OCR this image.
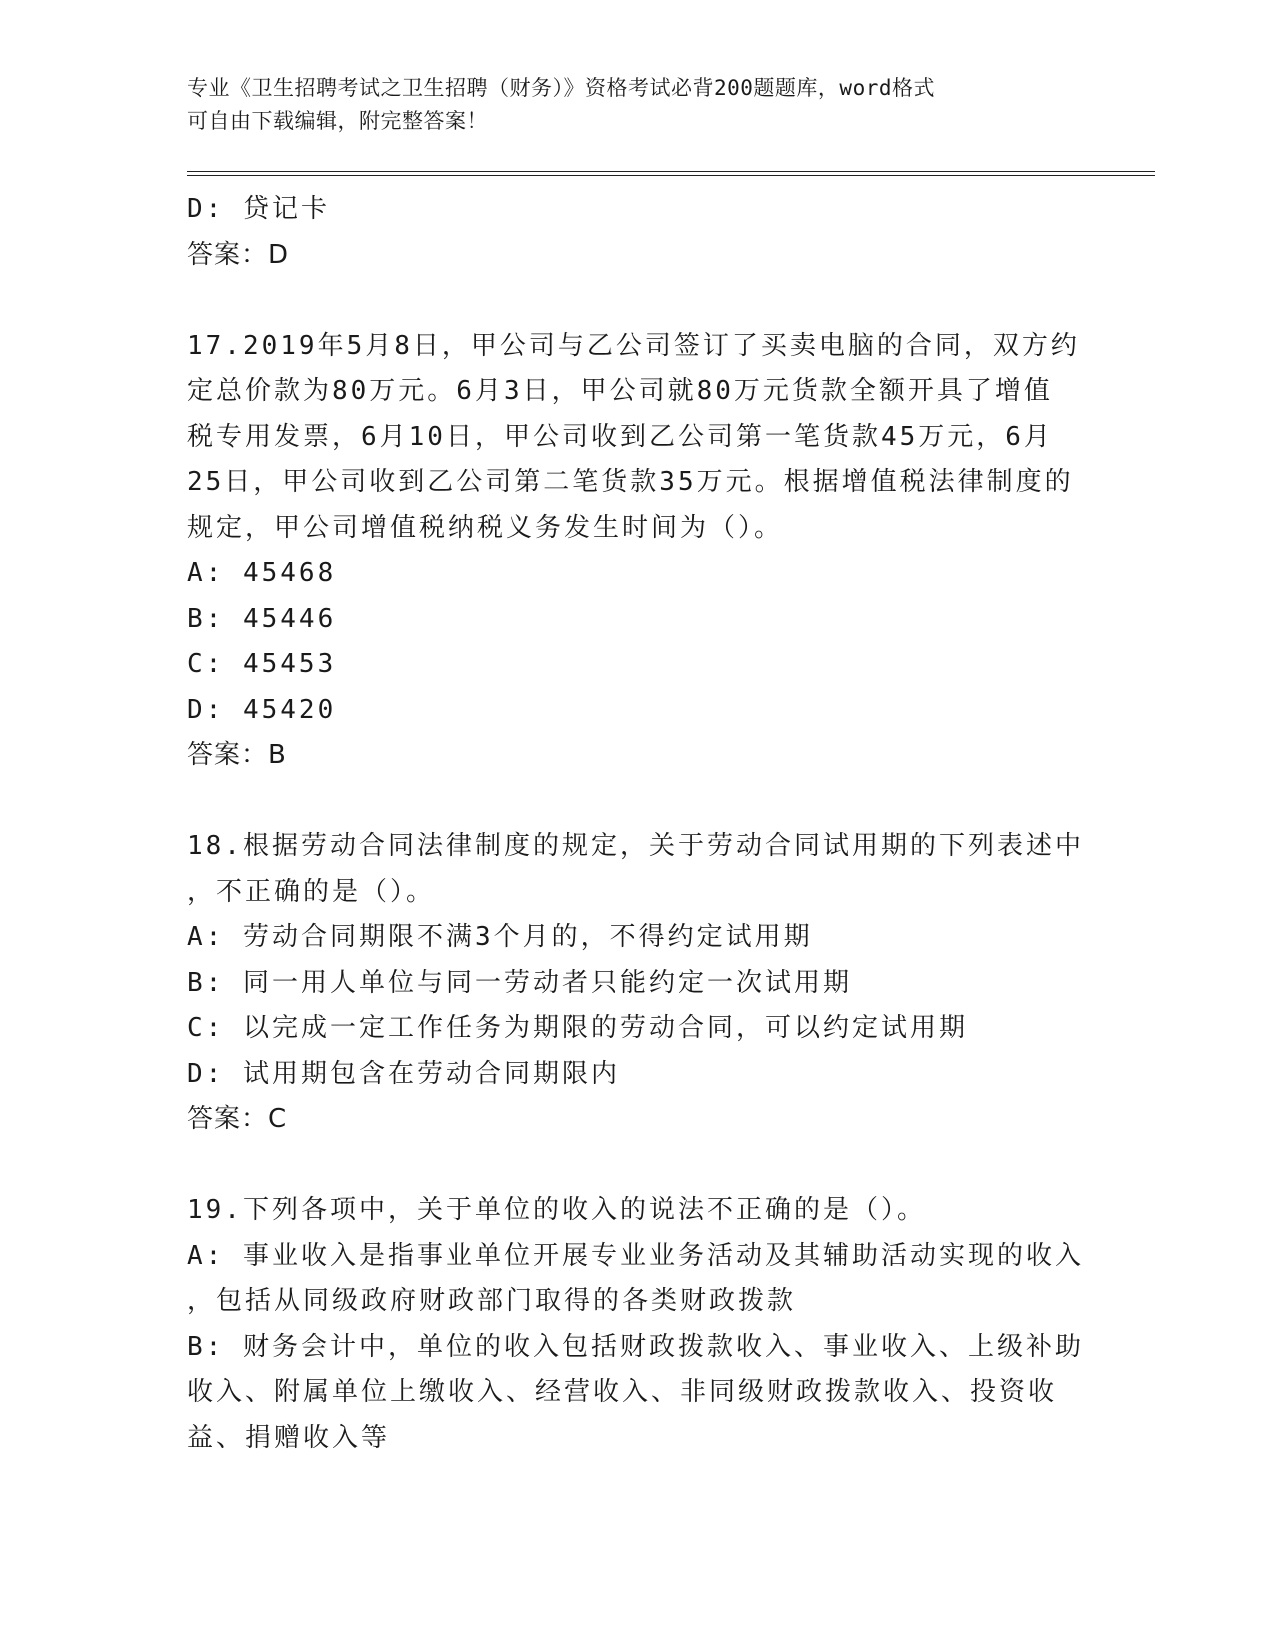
专业《卫生招聘考试之卫生招聘（财务）》资格考试必背200题题库，word格式
可自由下载编辑，附完整答案！
D: 贷记卡
答案：D
17.2019年5月8日，甲公司与乙公司签订了买卖电脑的合同，双方约
定总价款为80万元。6月3日，甲公司就80万元货款全额开具了增值
税专用发票，6月10日，甲公司收到乙公司第一笔货款45万元，6月
25日，甲公司收到乙公司第二笔货款35万元。根据增值税法律制度的
规定，甲公司增值税纳税义务发生时间为（）。
A: 45468
B: 45446
C: 45453
D: 45420
答案：B
18.根据劳动合同法律制度的规定，关于劳动合同试用期的下列表述中
，不正确的是（）。
A: 劳动合同期限不满3个月的，不得约定试用期
B: 同一用人单位与同一劳动者只能约定一次试用期
C: 以完成一定工作任务为期限的劳动合同，可以约定试用期
D: 试用期包含在劳动合同期限内
答案：C
19.下列各项中，关于单位的收入的说法不正确的是（）。
A: 事业收入是指事业单位开展专业业务活动及其辅助活动实现的收入
，包括从同级政府财政部门取得的各类财政拨款
B: 财务会计中，单位的收入包括财政拨款收入、事业收入、上级补助
收入、附属单位上缴收入、经营收入、非同级财政拨款收入、投资收
益、捐赠收入等
